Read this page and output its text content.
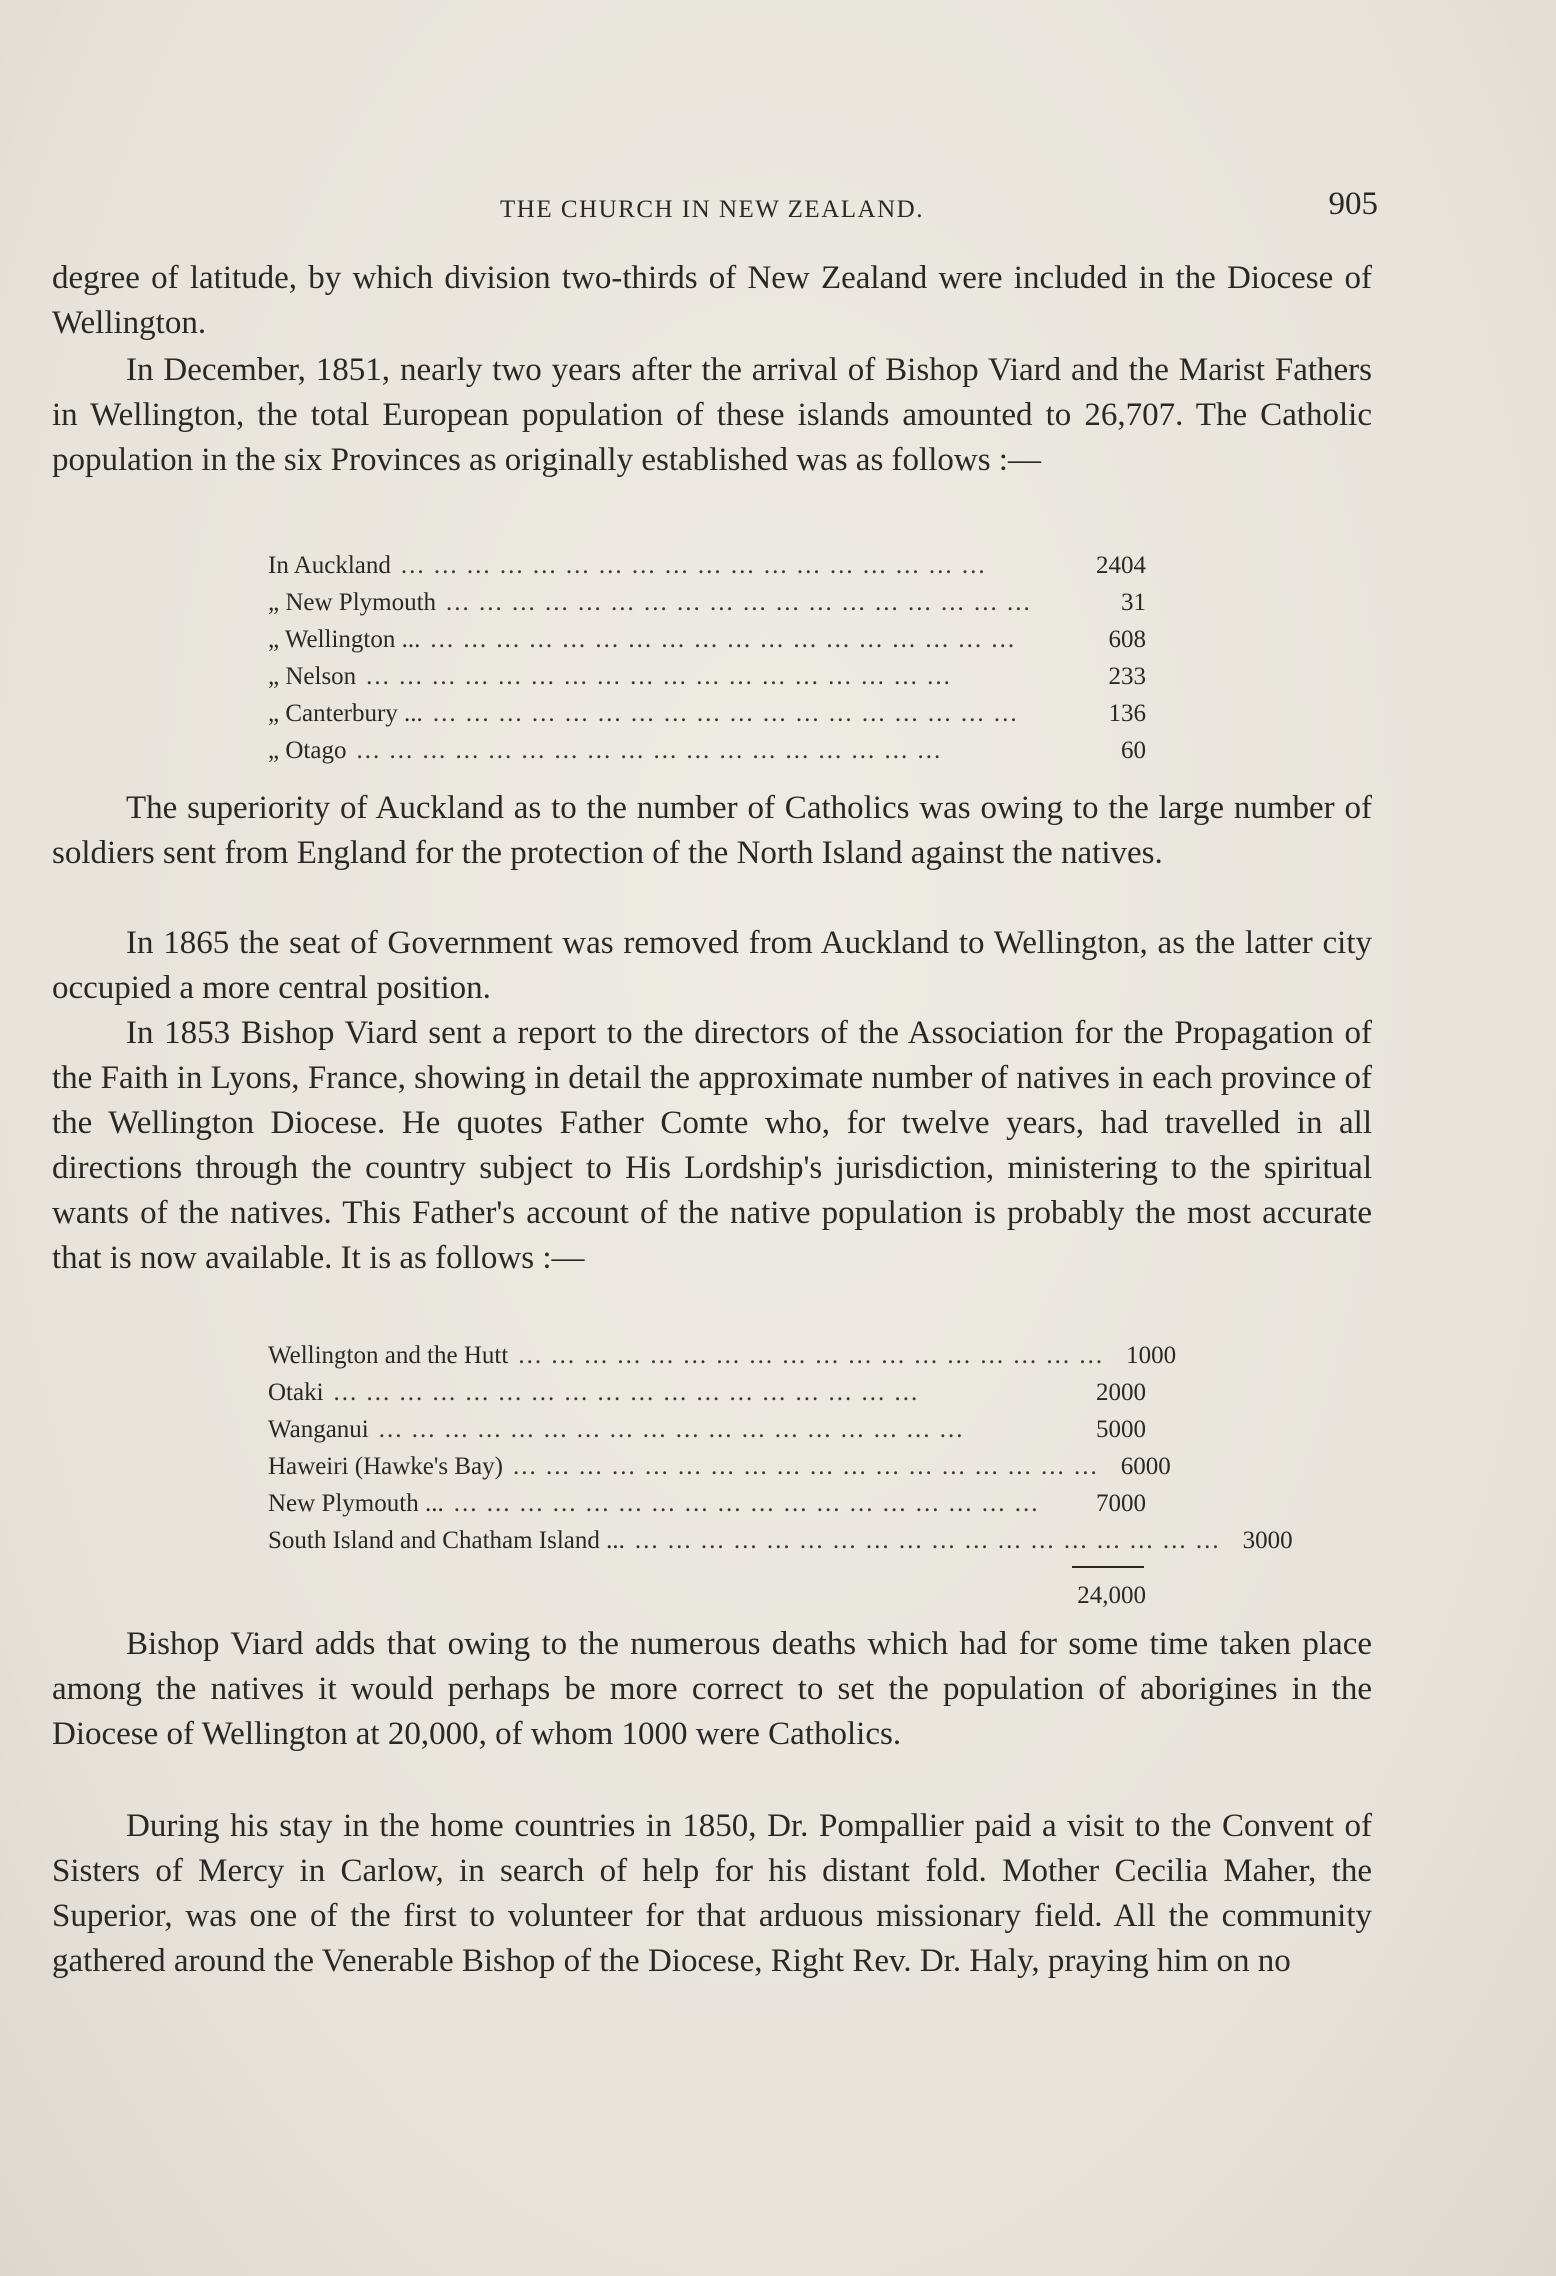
THE CHURCH IN NEW ZEALAND.	905

degree of latitude, by which division two-thirds of New Zealand were included in the Diocese of Wellington.

In December, 1851, nearly two years after the arrival of Bishop Viard and the Marist Fathers in Wellington, the total European population of these islands amounted to 26,707. The Catholic population in the six Provinces as originally established was as follows :—

In Auckland ... ... ... ... ... ... ... ... ... ... ... ... ... ... ... ... ... ...	2404
„ New Plymouth ... ... ... ... ... ... ... ... ... ... ... ... ... ... ... ... ... ...	31
„ Wellington ... ... ... ... ... ... ... ... ... ... ... ... ... ... ... ... ... ... ...	608
„ Nelson ... ... ... ... ... ... ... ... ... ... ... ... ... ... ... ... ... ...	233
„ Canterbury ... ... ... ... ... ... ... ... ... ... ... ... ... ... ... ... ... ... ...	136
„ Otago ... ... ... ... ... ... ... ... ... ... ... ... ... ... ... ... ... ...	60

The superiority of Auckland as to the number of Catholics was owing to the large number of soldiers sent from England for the protection of the North Island against the natives.

In 1865 the seat of Government was removed from Auckland to Wellington, as the latter city occupied a more central position.

In 1853 Bishop Viard sent a report to the directors of the Association for the Propagation of the Faith in Lyons, France, showing in detail the approximate number of natives in each province of the Wellington Diocese. He quotes Father Comte who, for twelve years, had travelled in all directions through the country subject to His Lordship's jurisdiction, ministering to the spiritual wants of the natives. This Father's account of the native population is probably the most accurate that is now available. It is as follows :—

Wellington and the Hutt ... ... ... ... ... ... ... ... ... ... ... ... ... ... ... ... ... ... 1000
Otaki ... ... ... ... ... ... ... ... ... ... ... ... ... ... ... ... ... ...	2000
Wanganui ... ... ... ... ... ... ... ... ... ... ... ... ... ... ... ... ... ...	5000
Haweiri (Hawke's Bay) ... ... ... ... ... ... ... ... ... ... ... ... ... ... ... ... ... ... 6000
New Plymouth ... ... ... ... ... ... ... ... ... ... ... ... ... ... ... ... ... ... ...	7000
South Island and Chatham Island ... ... ... ... ... ... ... ... ... ... ... ... ... ... ... ... ... ... ... 3000
24,000

Bishop Viard adds that owing to the numerous deaths which had for some time taken place among the natives it would perhaps be more correct to set the population of aborigines in the Diocese of Wellington at 20,000, of whom 1000 were Catholics.

During his stay in the home countries in 1850, Dr. Pompallier paid a visit to the Convent of Sisters of Mercy in Carlow, in search of help for his distant fold. Mother Cecilia Maher, the Superior, was one of the first to volunteer for that arduous missionary field. All the community gathered around the Venerable Bishop of the Diocese, Right Rev. Dr. Haly, praying him on no
